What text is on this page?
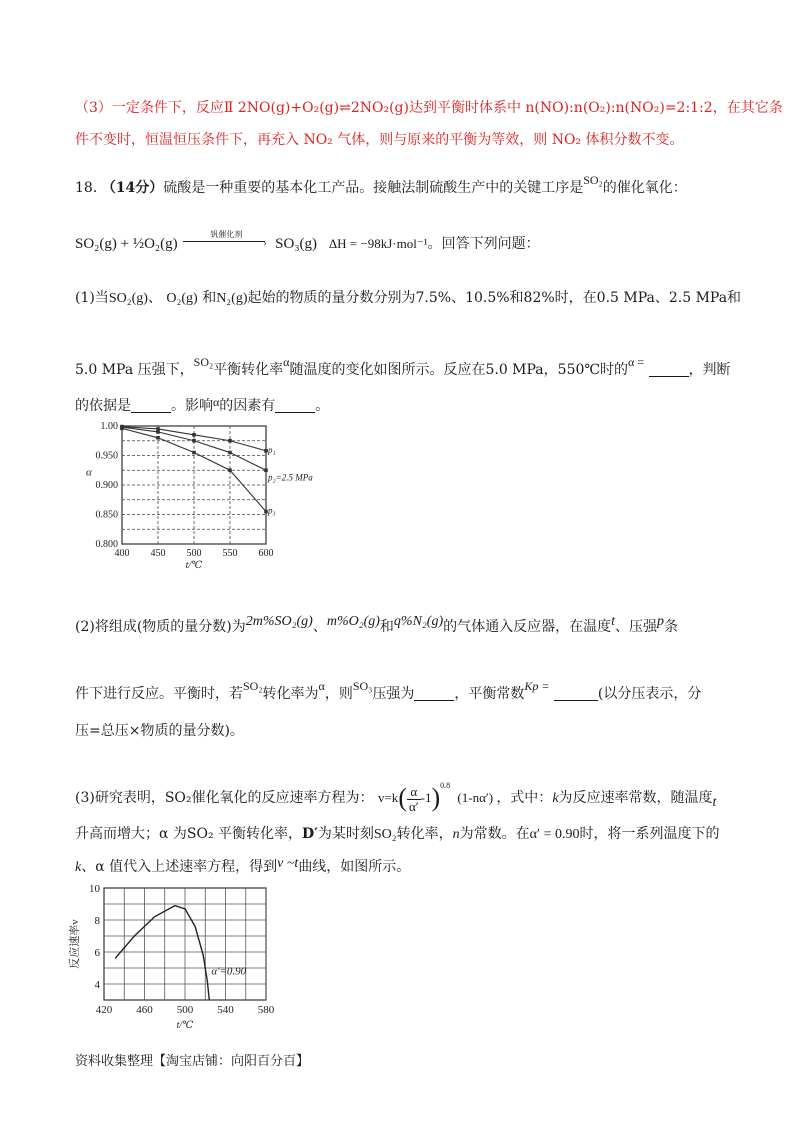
（3）一定条件下，反应Ⅱ 2NO(g)+O₂(g)⇌2NO₂(g)达到平衡时体系中 n(NO):n(O₂):n(NO₂)=2:1:2，在其它条
件不变时，恒温恒压条件下，再充入 NO₂ 气体，则与原来的平衡为等效，则 NO₂ 体积分数不变。
18. （14分）硫酸是一种重要的基本化工产品。接触法制硫酸生产中的关键工序是SO₂的催化氧化：
SO₂(g) + ½O₂(g)
钒催化剂
› SO₃(g) ΔH = −98kJ·mol⁻¹。回答下列问题：
(1)当SO₂(g)、 O₂(g) 和N₂(g)起始的物质的量分数分别为7.5%、10.5%和82%时，在0.5 MPa、2.5 MPa和
5.0 MPa 压强下，SO₂平衡转化率α随温度的变化如图所示。反应在5.0 MPa，550℃时的α =	，判断
的依据是	。影响α的因素有	。
400 450 500 550 600
1.00
0.950
0.900
0.850
0.800
α
t/℃
p₁
p₂=2.5 MPa
p₃
(2)将组成(物质的量分数)为2m%SO₂(g)、m%O₂(g)和q%N₂(g)的气体通入反应器，在温度t、压强p条
件下进行反应。平衡时，若SO₂转化率为α，则SO₃压强为	，平衡常数Kp =	(以分压表示，分
压=总压×物质的量分数)。
(3)研究表明，SO₂催化氧化的反应速率方程为： $v=k( \frac{\alpha}{\alpha'} -1)^{0.8}$ (1-nα′) ，式中：k为反应速率常数，随温度t
升高而增大；α 为SO₂ 平衡转化率，D′为某时刻SO₂转化率，n为常数。在α′ = 0.90时，将一系列温度下的
k、α 值代入上述速率方程，得到v ~t曲线，如图所示。
420 460 500 540 580
10
8
6
4
反应速率v
t/℃
α′=0.90
资料收集整理【淘宝店铺：向阳百分百】
